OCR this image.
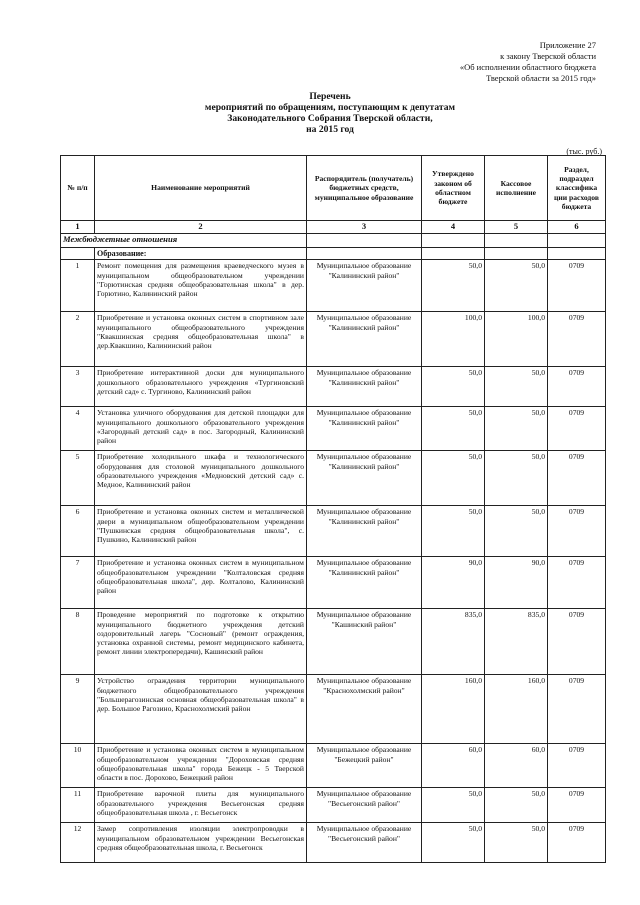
Приложение 27
к закону Тверской области
«Об исполнении областного бюджета
Тверской области за 2015 год»
Перечень
мероприятий по обращениям, поступающим к депутатам
Законодательного Собрания Тверской области,
на 2015 год
(тыс. руб.)
№ п/п	Наименование мероприятий	Распорядитель (получатель) бюджетных средств, муниципальное образование	Утверждено законом об областном бюджете	Кассовое исполнение	Раздел, подраздел классифика ции расходов бюджета
1	2	3	4	5	6
Межбюджетные отношения					
	Образование:				
1	Ремонт помещения для размещения краеведческого музея в муниципальном общеобразовательном учреждении "Горютинская средняя общеобразовательная школа" в дер. Горютино, Калининский район	Муниципальное образование "Калининский район"	50,0	50,0	0709
2	Приобретение и установка оконных систем в спортивном зале муниципального общеобразовательного учреждения "Квакшинская средняя общеобразовательная школа" в дер.Квакшино, Калининский район	Муниципальное образование "Калининский район"	100,0	100,0	0709
3	Приобретение интерактивной доски для муниципального дошкольного образовательного учреждения «Тургиновский детский сад» с. Тургиново, Калининский район	Муниципальное образование "Калининский район"	50,0	50,0	0709
4	Установка уличного оборудования для детской площадки для муниципального дошкольного образовательного учреждения «Загородный детский сад» в пос. Загородный, Калининский район	Муниципальное образование "Калининский район"	50,0	50,0	0709
5	Приобретение холодильного шкафа и технологического оборудования для столовой муниципального дошкольного образовательного учреждения «Медновский детский сад» с. Медное, Калининский район	Муниципальное образование "Калининский район"	50,0	50,0	0709
6	Приобретение и установка оконных систем и металлической двери в муниципальном общеобразовательном учреждении "Пушкинская средняя общеобразовательная школа", с. Пушкино, Калининский район	Муниципальное образование "Калининский район"	50,0	50,0	0709
7	Приобретение и установка оконных систем в муниципальном общеобразовательном учреждении "Колталовская средняя общеобразовательная школа", дер. Колталово, Калининский район	Муниципальное образование "Калининский район"	90,0	90,0	0709
8	Проведение мероприятий по подготовке к открытию муниципального бюджетного учреждения детский оздоровительный лагерь "Сосновый" (ремонт ограждения, установка охранной системы, ремонт медицинского кабинета, ремонт линии электропередачи), Кашинский район	Муниципальное образование "Кашинский район"	835,0	835,0	0709
9	Устройство ограждения территории муниципального бюджетного общеобразовательного учреждения "Большерагозинская основная общеобразовательная школа" в дер. Большое Рагозино, Краснохолмский район	Муниципальное образование "Краснохолмский район"	160,0	160,0	0709
10	Приобретение и установка оконных систем в муниципальном общеобразовательном учреждении "Дороховская средняя общеобразовательная школа" города Бежецк - 5 Тверской области в пос. Дорохово, Бежецкий район	Муниципальное образование "Бежецкий район"	60,0	60,0	0709
11	Приобретение варочной плиты для муниципального образовательного учреждения Весьегонская средняя общеобразовательная школа , г. Весьегонск	Муниципальное образование "Весьегонский район"	50,0	50,0	0709
12	Замер сопротивления изоляции электропроводки в муниципальном образовательном учреждении Весьегонская средняя общеобразовательная школа, г. Весьегонск	Муниципальное образование "Весьегонский район"	50,0	50,0	0709
